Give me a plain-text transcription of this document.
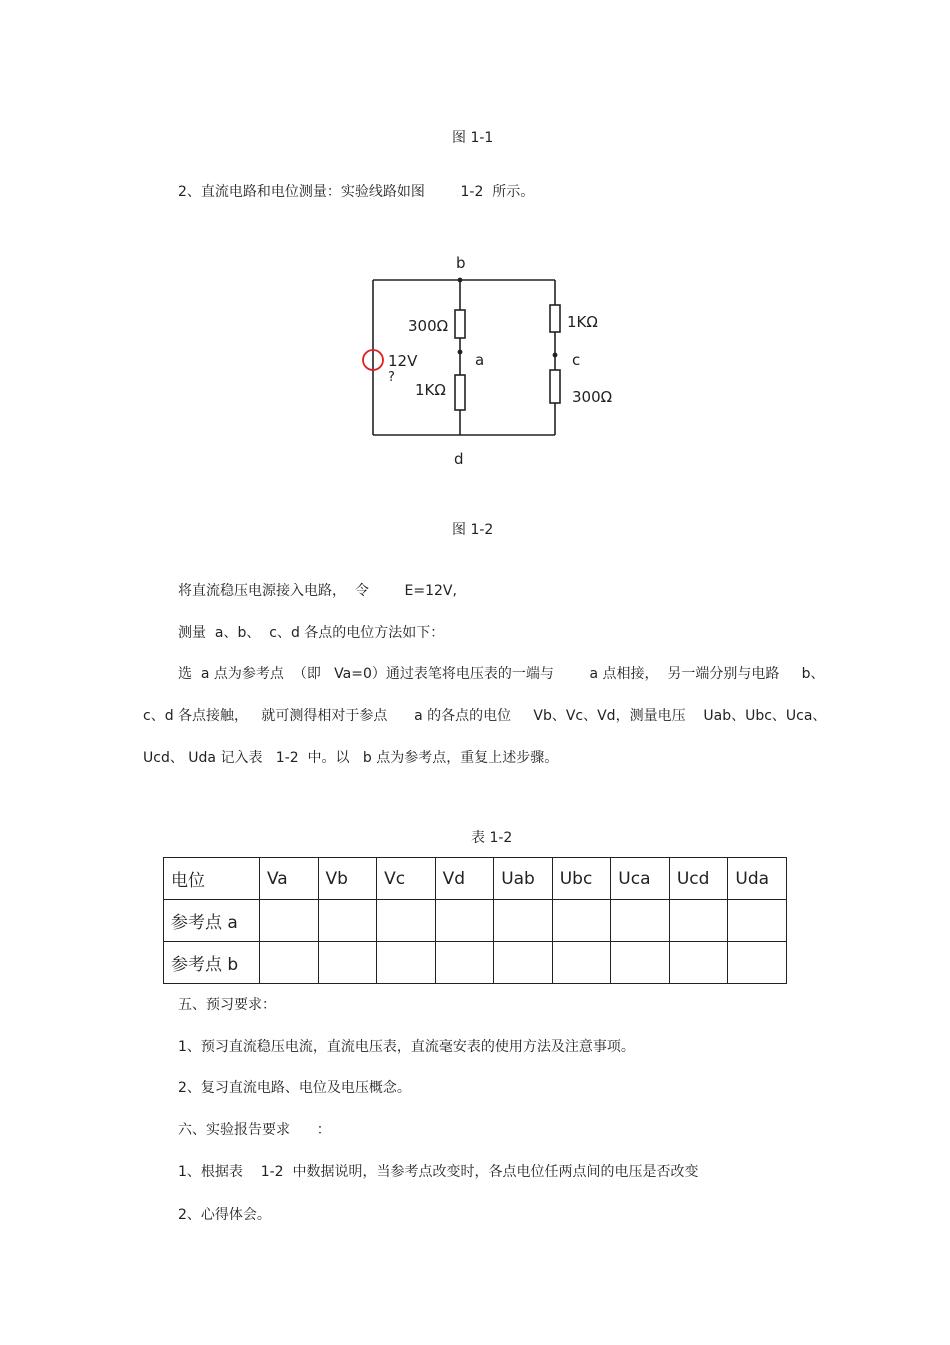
图 1-1
2、直流电路和电位测量：实验线路如图        1-2  所示。
b
a	c
d
300Ω
1KΩ
1KΩ
300Ω
12V
?
图 1-2
将直流稳压电源接入电路，  令        E=12V,
测量  a、b、  c、d 各点的电位方法如下：
选  a 点为参考点  （即   Va=0）通过表笔将电压表的一端与        a 点相接，  另一端分别与电路     b、
c、d 各点接触，   就可测得相对于参点      a 的各点的电位     Vb、Vc、Vd，测量电压    Uab、Ubc、Uca、
Ucd、 Uda 记入表   1-2  中。以   b 点为参考点，重复上述步骤。
表 1-2
电位	Va	Vb	Vc	Vd	Uab	Ubc	Uca	Ucd	Uda
参考点 a									
参考点 b									
五、预习要求：
1、预习直流稳压电流，直流电压表，直流毫安表的使用方法及注意事项。
2、复习直流电路、电位及电压概念。
六、实验报告要求      ：
1、根据表    1-2  中数据说明，当参考点改变时，各点电位任两点间的电压是否改变
2、心得体会。
